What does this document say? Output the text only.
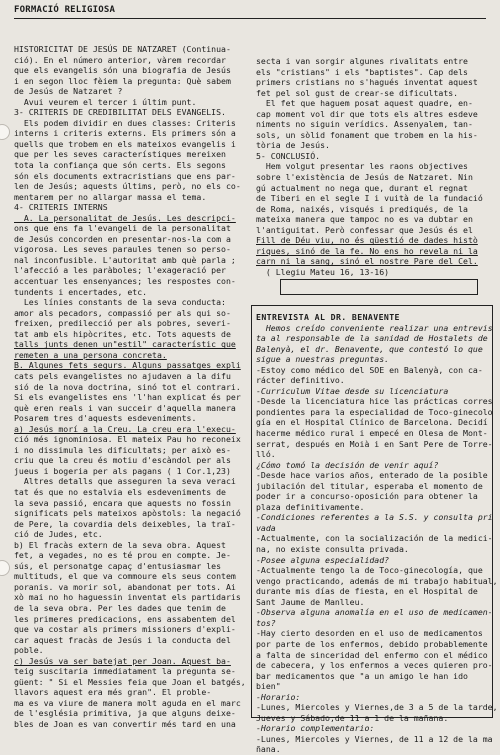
FORMACIÓ RELIGIOSA

HISTORICITAT DE JESÚS DE NATZARET (Continua-

ció). En el número anterior, vàrem recordar

que els evangelis són una biografia de Jesús

i en segon lloc fèiem la pregunta: Què sabem

de Jesús de Natzaret ?

Avui veurem el tercer i últim punt.

3- CRITERIS DE CREDIBILITAT DELS EVANGELIS.

Els podem dividir en dues classes: Criteris

interns i criteris externs. Els primers són a

quells que trobem en els mateixos evangelis i

que per les seves característiques mereixen

tota la confiança que són certs. Els segons

són els documents extracristians que ens par-

len de Jesús; aquests últims, però, no els co-

mentarem per no allargar massa el tema.

4- CRITERIS INTERNS

A. La personalitat de Jesús. Les descripci-

ons que ens fa l'evangeli de la personalitat

de Jesús concorden en presentar-nos-la com a

vigorosa. Les seves paraules tenen so perso-

nal inconfusible. L'autoritat amb què parla ;

l'afecció a les paràboles; l'exageració per

accentuar les ensenyances; les respostes con-

tundents i encertades, etc.

Les línies constants de la seva conducta:

amor als pecadors, compassió per als qui so-

freixen, predilecció per als pobres, severi-

tat amb els hipòcrites, etc. Tots aquests de

talls junts denen un"estil" característic que

remeten a una persona concreta.

B. Algunes fets segurs. Alguns passatges expli

cats pels evangelistes no ajudaven a la difu

sió de la nova doctrina, sinó tot el contrari.

Si els evangelistes ens 'l'han explicat és per

què eren reals i van succeir d'aquella manera

Posarem tres d'aquests esdeveniments.

a) Jesús morí a la Creu. La creu era l'execu-

ció més ignominiosa. El mateix Pau ho reconeix

i no dissimula les dificultats; per això es-

criu que la creu és motiu d'escàndol per als

jueus i bogeria per als pagans ( 1 Cor.1,23)

Altres detalls que asseguren la seva veraci

tat és que no estalvia els esdeveniments de

la seva passió, encara que aquests no fossin

significats pels mateixos apòstols: la negació

de Pere, la covardia dels deixebles, la traï-

ció de Judes, etc.

b) El fracàs extern de la seva obra. Aquest

fet, a vegades, no es té prou en compte. Je-

sús, el personatge capaç d'entusiasmar les

multituds, el que va commoure els seus contem

poranis. va morir sol, abandonat per tots. Ai

xò mai no ho haguessin inventat els partidaris

de la seva obra. Per les dades que tenim de

les primeres predicacions, ens assabentem del

que va costar als primers missioners d'expli-

car aquest fracàs de Jesús i la conducta del

poble.

c) Jesús va ser batejat per Joan. Aquest ba-

teig suscitaria immediatament la pregunta se-

güent: " Si el Messies feia que Joan el batgés,

llavors aquest era més gran". El proble-

ma es va viure de manera molt aguda en el marc

de l'església primitiva, ja que alguns deixe-

bles de Joan es van convertir més tard en una

secta i van sorgir algunes rivalitats entre

els "cristians" i els "baptistes". Cap dels

primers cristians no s'hagués inventat aquest

fet pel sol gust de crear-se dificultats.

El fet que haguem posat aquest quadre, en-

cap moment vol dir que tots els altres esdeve

niments no siguin verídics. Assenyalem, tan-

sols, un sòlid fonament que trobem en la his-

tòria de Jesús.

5- CONCLUSIÓ.

Hem volgut presentar les raons objectives

sobre l'existència de Jesús de Natzaret. Nin

gú actualment no nega que, durant el regnat

de Tiberi en el segle I i vuità de la fundació

de Roma, naixés, visqués i prediqués, de la

mateixa manera que tampoc no es va dubtar en

l'antiguitat. Però confessar que Jesús és el

Fill de Déu viu, no és qüestió de dades histò

riques, sinó de la fe. No ens ho revela ni la

carn ni la sang, sinó el nostre Pare del Cel.

( Llegiu Mateu 16, 13-16)

ENTREVISTA AL DR. BENAVENTE

Hemos creído conveniente realizar una entrevis

ta al responsable de la sanidad de Hostalets de

Balenyà, el dr. Benavente, que contestó lo que

sigue a nuestras preguntas.

-Estoy como médico del SOE en Balenyà, con ca-

rácter definitivo.

-Curriculum Vitae desde su licenciatura

-Desde la licenciatura hice las prácticas corres

pondientes para la especialidad de Toco-ginecolo

gía en el Hospital Clínico de Barcelona. Decidí

hacerme médico rural i empecé en Olesa de Mont-

serrat, después en Moià i en Sant Pere de Torre-

lló.

¿Cómo tomó la decisión de venir aquí?

-Desde hace varios años, enterado de la posible

jubilación del titular, esperaba el momento de

poder ir a concurso-oposición para obtener la

plaza definitivamente.

-Condiciones referentes a la S.S. y consulta pri

vada

-Actualmente, con la socialización de la medici-

na, no existe consulta privada.

-Posee alguna especialidad?

-Actualmente tengo la de Toco-ginecología, que

vengo practicando, además de mi trabajo habitual,

durante mis días de fiesta, en el Hospital de

Sant Jaume de Manlleu.

-Observa alguna anomalía en el uso de medicamen-

tos?

-Hay cierto desorden en el uso de medicamentos

por parte de los enfermos, debido probablemente

a falta de sinceridad del enfermo con el médico

de cabecera, y los enfermos a veces quieren pro-

bar medicamentos que "a un amigo le han ido

bien"

-Horario:

-Lunes, Miercoles y Viernes,de 3 a 5 de la tarde,

Jueves y Sábado,de 11 a 1 de la mañana.

-Horario complementario:

-Lunes, Miercoles y Viernes, de 11 a 12 de la ma

ñana.
